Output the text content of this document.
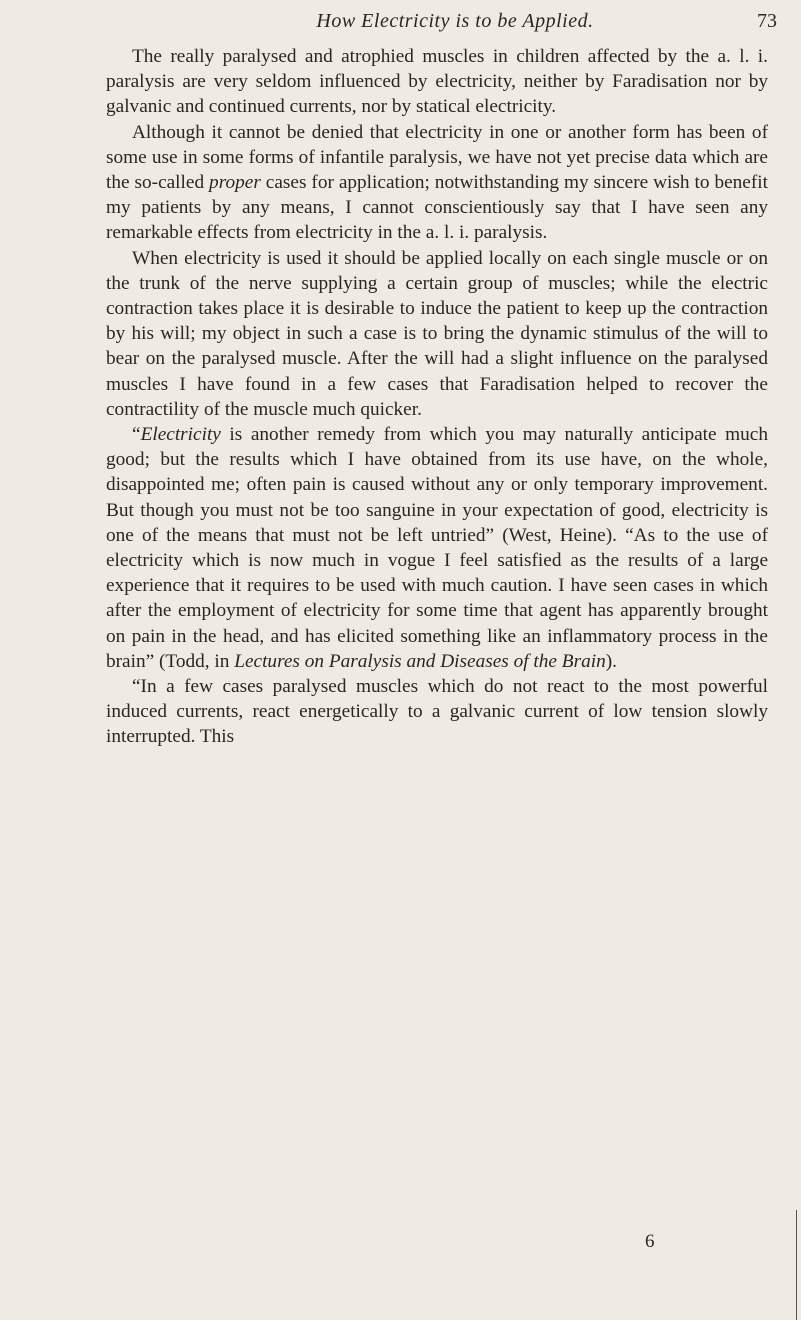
How Electricity is to be Applied.	73

The really paralysed and atrophied muscles in children affected by the a. l. i. paralysis are very seldom influenced by electricity, neither by Faradisation nor by galvanic and continued currents, nor by statical electricity.

Although it cannot be denied that electricity in one or another form has been of some use in some forms of infantile paralysis, we have not yet precise data which are the so-called proper cases for application; notwithstanding my sincere wish to benefit my patients by any means, I cannot conscientiously say that I have seen any remarkable effects from electricity in the a. l. i. paralysis.

When electricity is used it should be applied locally on each single muscle or on the trunk of the nerve supplying a certain group of muscles; while the electric contraction takes place it is desirable to induce the patient to keep up the contraction by his will; my object in such a case is to bring the dynamic stimulus of the will to bear on the paralysed muscle. After the will had a slight influence on the paralysed muscles I have found in a few cases that Faradisation helped to recover the contractility of the muscle much quicker.

“Electricity is another remedy from which you may naturally anticipate much good; but the results which I have obtained from its use have, on the whole, disappointed me; often pain is caused without any or only temporary improvement. But though you must not be too sanguine in your expectation of good, electricity is one of the means that must not be left untried” (West, Heine). “As to the use of electricity which is now much in vogue I feel satisfied as the results of a large experience that it requires to be used with much caution. I have seen cases in which after the employment of electricity for some time that agent has apparently brought on pain in the head, and has elicited something like an inflammatory process in the brain” (Todd, in Lectures on Paralysis and Diseases of the Brain).

“In a few cases paralysed muscles which do not react to the most powerful induced currents, react energetically to a galvanic current of low tension slowly interrupted. This

6
